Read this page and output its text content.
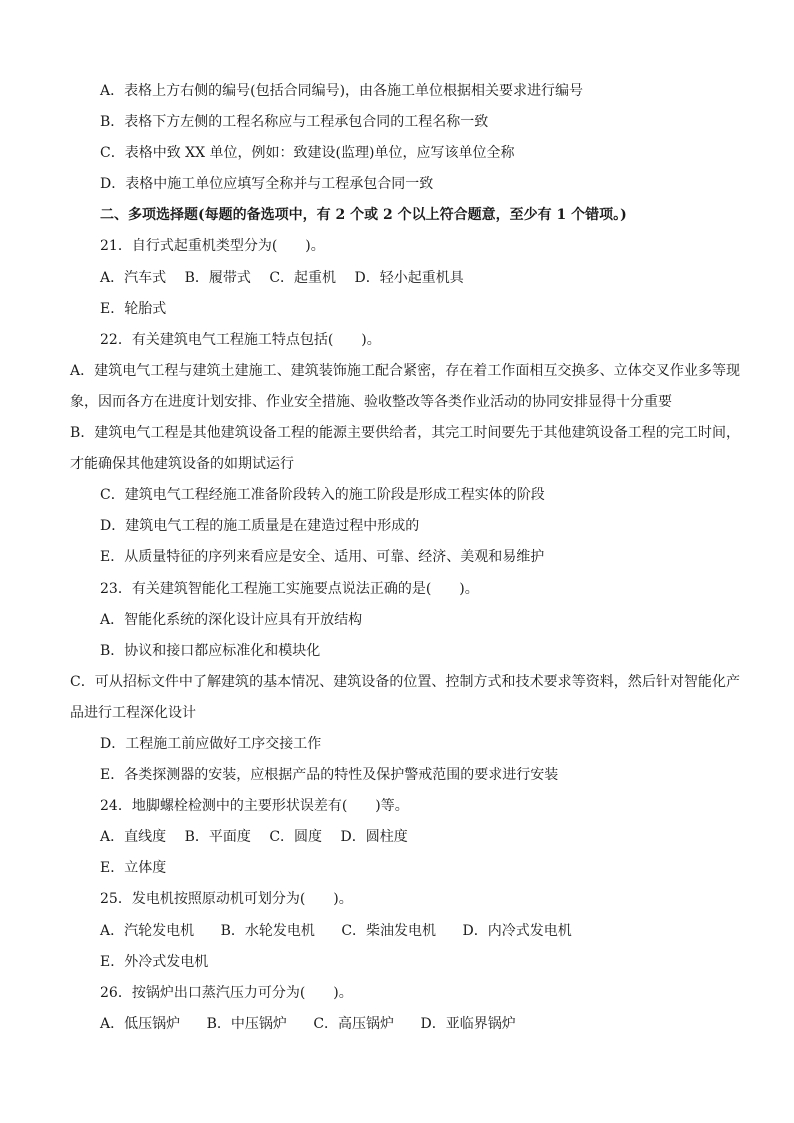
A．表格上方右侧的编号(包括合同编号)，由各施工单位根据相关要求进行编号
B．表格下方左侧的工程名称应与工程承包合同的工程名称一致
C．表格中致 XX 单位，例如：致建设(监理)单位，应写该单位全称
D．表格中施工单位应填写全称并与工程承包合同一致
二、多项选择题(每题的备选项中，有 2 个或 2 个以上符合题意，至少有 1 个错项。)
21．自行式起重机类型分为(　　)。
A．汽车式 B．履带式 C．起重机 D．轻小起重机具
E．轮胎式
22．有关建筑电气工程施工特点包括(　　)。
A．建筑电气工程与建筑土建施工、建筑装饰施工配合紧密，存在着工作面相互交换多、立体交叉作业多等现象，因而各方在进度计划安排、作业安全措施、验收整改等各类作业活动的协同安排显得十分重要
B．建筑电气工程是其他建筑设备工程的能源主要供给者，其完工时间要先于其他建筑设备工程的完工时间，才能确保其他建筑设备的如期试运行
C．建筑电气工程经施工准备阶段转入的施工阶段是形成工程实体的阶段
D．建筑电气工程的施工质量是在建造过程中形成的
E．从质量特征的序列来看应是安全、适用、可靠、经济、美观和易维护
23．有关建筑智能化工程施工实施要点说法正确的是(　　)。
A．智能化系统的深化设计应具有开放结构
B．协议和接口都应标准化和模块化
C．可从招标文件中了解建筑的基本情况、建筑设备的位置、控制方式和技术要求等资料，然后针对智能化产品进行工程深化设计
D．工程施工前应做好工序交接工作
E．各类探测器的安装，应根据产品的特性及保护警戒范围的要求进行安装
24．地脚螺栓检测中的主要形状误差有(　　)等。
A．直线度 B．平面度 C．圆度 D．圆柱度
E．立体度
25．发电机按照原动机可划分为(　　)。
A．汽轮发电机 B．水轮发电机 C．柴油发电机 D．内冷式发电机
E．外冷式发电机
26．按锅炉出口蒸汽压力可分为(　　)。
A．低压锅炉 B．中压锅炉 C．高压锅炉 D．亚临界锅炉
